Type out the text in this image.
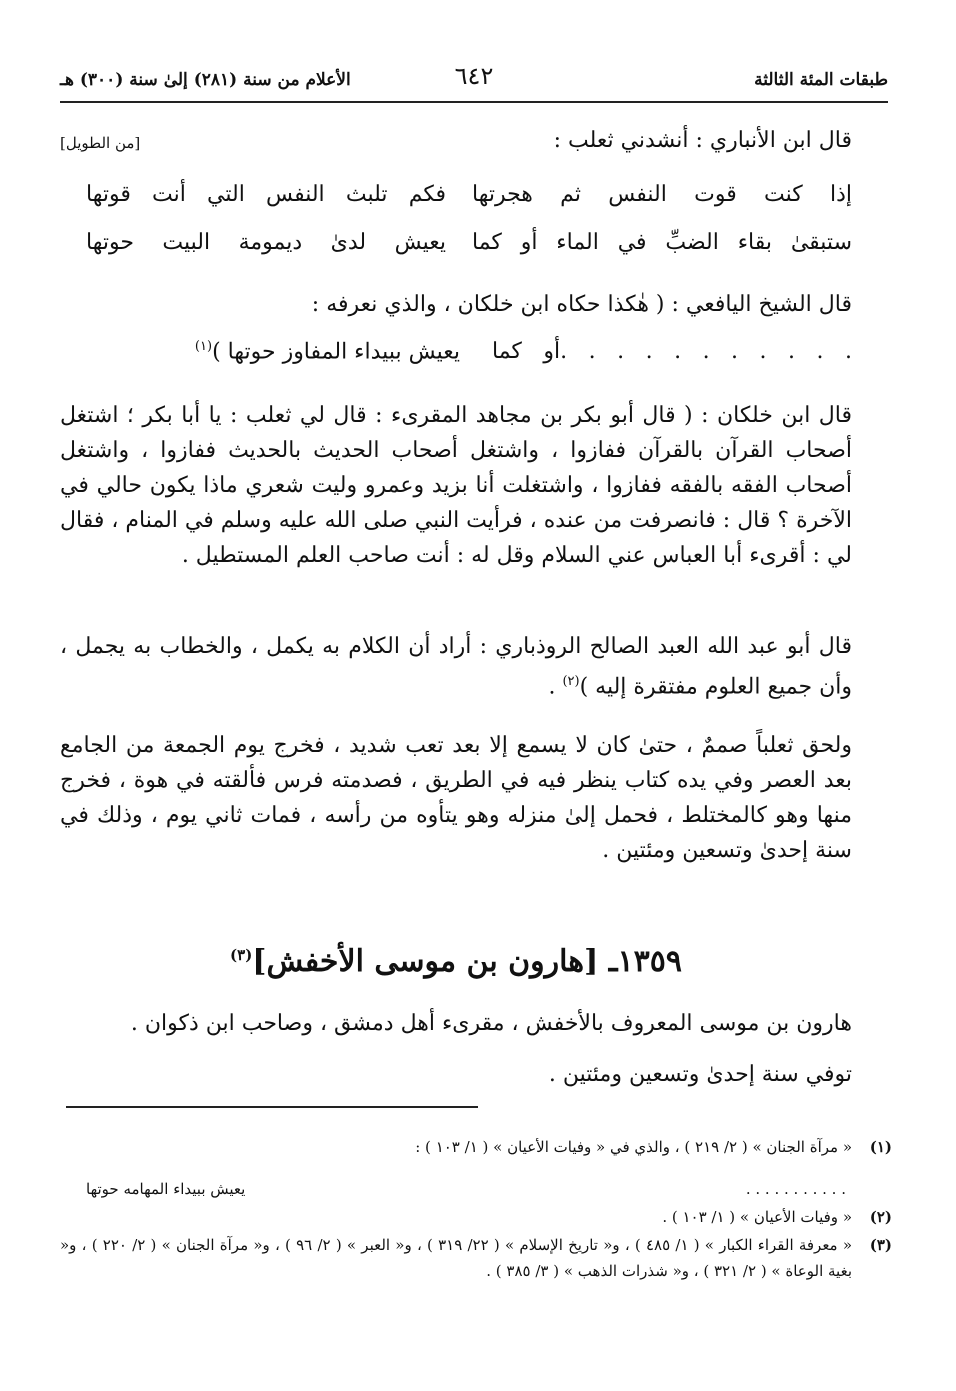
طبقات المئة الثالثة
٦٤٢
الأعلام من سنة (٢٨١) إلىٰ سنة (٣٠٠) هـ
قال ابن الأنباري : أنشدني ثعلب :
[من الطويل]
إذا كنت قوت النفس ثم هجرتها
فكم تلبث النفس التي أنت قوتها
ستبقىٰ بقاء الضبِّ في الماء أو كما
يعيش لدىٰ ديمومة البيت حوتها
قال الشيخ اليافعي : ( هٰكذا حكاه ابن خلكان ، والذي نعرفه :
. . . . . . . . . . .أو كما
يعيش ببيداء المفاوز حوتها )$^{(١)}$
قال ابن خلكان : ( قال أبو بكر بن مجاهد المقرىء : قال لي ثعلب : يا أبا بكر ؛ اشتغل أصحاب القرآن بالقرآن ففازوا ، واشتغل أصحاب الحديث بالحديث ففازوا ، واشتغل أصحاب الفقه بالفقه ففازوا ، واشتغلت أنا بزيد وعمرو وليت شعري ماذا يكون حالي في الآخرة ؟ قال : فانصرفت من عنده ، فرأيت النبي صلى الله عليه وسلم في المنام ، فقال لي : أقرىء أبا العباس عني السلام وقل له : أنت صاحب العلم المستطيل .
قال أبو عبد الله العبد الصالح الروذباري : أراد أن الكلام به يكمل ، والخطاب به يجمل ، وأن جميع العلوم مفتقرة إليه )$^{(٢)}$ .
ولحق ثعلباً صممٌ ، حتىٰ كان لا يسمع إلا بعد تعب شديد ، فخرج يوم الجمعة من الجامع بعد العصر وفي يده كتاب ينظر فيه في الطريق ، فصدمته فرس فألقته في هوة ، فخرج منها وهو كالمختلط ، فحمل إلىٰ منزله وهو يتأوه من رأسه ، فمات ثاني يوم ، وذلك في سنة إحدىٰ وتسعين ومئتين .
١٣٥٩ـ [هارون بن موسى الأخفش]$^{(٣)}$
هارون بن موسى المعروف بالأخفش ، مقرىء أهل دمشق ، وصاحب ابن ذكوان .
توفي سنة إحدىٰ وتسعين ومئتين .
(١)
« مرآة الجنان » ( ٢/ ٢١٩ ) ، والذي في « وفيات الأعيان » ( ١/ ١٠٣ ) :
. . . . . . . . . . .
يعيش ببيداء المهامه حوتها
(٢)
« وفيات الأعيان » ( ١/ ١٠٣ ) .
(٣)
« معرفة القراء الكبار » ( ١/ ٤٨٥ ) ، و« تاريخ الإسلام » ( ٢٢/ ٣١٩ ) ، و« العبر » ( ٢/ ٩٦ ) ، و« مرآة الجنان » ( ٢/ ٢٢٠ ) ، و« بغية الوعاة » ( ٢/ ٣٢١ ) ، و« شذرات الذهب » ( ٣/ ٣٨٥ ) .
